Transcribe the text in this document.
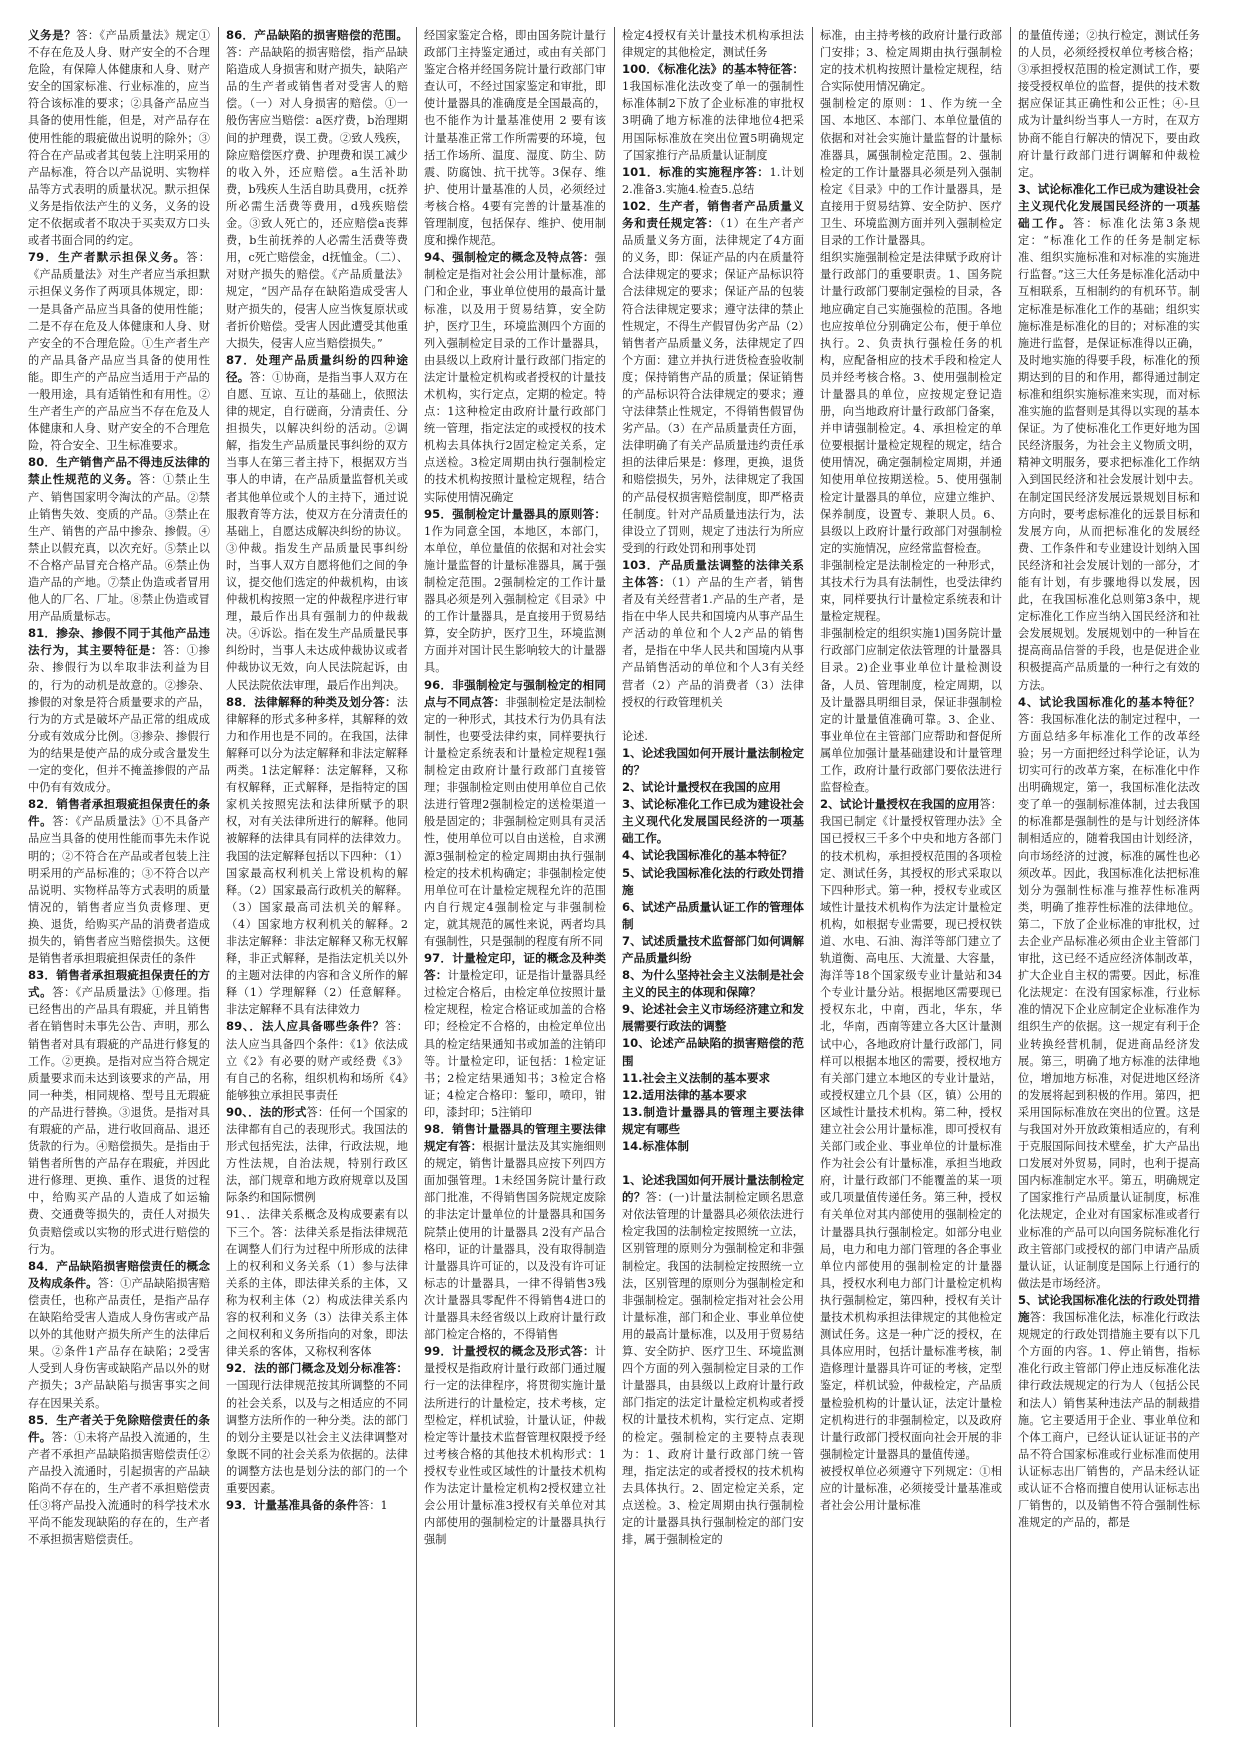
义务是？答：《产品质量法》规定①不存在危及人身、财产安全的不合理危险，有保障人体健康和人身、财产安全的国家标准、行业标准的，应当符合该标准的要求；②具备产品应当具备的使用性能，但是，对产品存在使用性能的瑕疵做出说明的除外；③符合在产品或者其包装上注明采用的产品标准，符合以产品说明、实物样品等方式表明的质量状况。默示担保义务是指依法产生的义务，义务的设定不依据或者不取决于买卖双方口头或者书面合同的约定。

79．生产者默示担保义务。答：《产品质量法》对生产者应当承担默示担保义务作了两项具体规定，即：一是具备产品应当具备的使用性能；二是不存在危及人体健康和人身、财产安全的不合理危险。①生产者生产的产品具备产品应当具备的使用性能。即生产的产品应当适用于产品的一般用途，具有适销性和有用性。②生产者生产的产品应当不存在危及人体健康和人身、财产安全的不合理危险，符合安全、卫生标准要求。

80．生产销售产品不得违反法律的禁止性规范的义务。答：①禁止生产、销售国家明令淘汰的产品。②禁止销售失效、变质的产品。③禁止在生产、销售的产品中掺杂、掺假。④禁止以假充真，以次充好。⑤禁止以不合格产品冒充合格产品。⑥禁止伪造产品的产地。⑦禁止伪造或者冒用他人的厂名、厂址。⑧禁止伪造或冒用产品质量标志。

81．掺杂、掺假不同于其他产品违法行为，其主要特征是：答：①掺杂、掺假行为以牟取非法利益为目的，行为的动机是故意的。②掺杂、掺假的对象是符合质量要求的产品，行为的方式是破坏产品正常的组成成分或有效成分比例。③掺杂、掺假行为的结果是使产品的成分或含量发生一定的变化，但并不掩盖掺假的产品中仍有有效成分。

82．销售者承担瑕疵担保责任的条件。答：《产品质量法》①不具备产品应当具备的使用性能而事先未作说明的；②不符合在产品或者包装上注明采用的产品标准的；③不符合以产品说明、实物样品等方式表明的质量情况的，销售者应当负责修理、更换、退货，给购买产品的消费者造成损失的，销售者应当赔偿损失。这便是销售者承担瑕疵担保责任的条件

83．销售者承担瑕疵担保责任的方式。答：《产品质量法》①修理。指已经售出的产品具有瑕疵，并且销售者在销售时未事先公告、声明，那么销售者对具有瑕疵的产品进行修复的工作。②更换。是指对应当符合规定质量要求而未达到该要求的产品，用同一种类，相同规格、型号且无瑕疵的产品进行替换。③退货。是指对具有瑕疵的产品，进行收回商品、退还货款的行为。④赔偿损失。是指由于销售者所售的产品存在瑕疵，并因此进行修理、更换、重作、退货的过程中，给购买产品的人造成了如运输费、交通费等损失的，责任人对损失负责赔偿或以实物的形式进行赔偿的行为。

84．产品缺陷损害赔偿责任的概念及构成条件。答：①产品缺陷损害赔偿责任，也称产品责任，是指产品存在缺陷给受害人造成人身伤害或产品以外的其他财产损失所产生的法律后果。②条件1产品存在缺陷；2受害人受到人身伤害或缺陷产品以外的财产损失；3产品缺陷与损害事实之间存在因果关系。

85．生产者关于免除赔偿责任的条件。答：①未将产品投入流通的，生产者不承担产品缺陷损害赔偿责任②产品投入流通时，引起损害的产品缺陷尚不存在的，生产者不承担赔偿责任③将产品投入流通时的科学技术水平尚不能发现缺陷的存在的，生产者不承担损害赔偿责任。

86．产品缺陷的损害赔偿的范围。答：产品缺陷的损害赔偿，指产品缺陷造成人身损害和财产损失，缺陷产品的生产者或销售者对受害人的赔偿。（一）对人身损害的赔偿。①一般伤害应当赔偿：a医疗费，b治理期间的护理费，误工费。②致人残疾，除应赔偿医疗费、护理费和误工减少的收入外，还应赔偿。a生活补助费，b残疾人生活自助具费用，c抚养所必需生活费等费用，d残疾赔偿金。③致人死亡的，还应赔偿a丧葬费，b生前抚养的人必需生活费等费用，c死亡赔偿金，d抚恤金。（二）、对财产损失的赔偿。《产品质量法》规定，“因产品存在缺陷造成受害人财产损失的，侵害人应当恢复原状或者折价赔偿。受害人因此遭受其他重大损失，侵害人应当赔偿损失。”

87．处理产品质量纠纷的四种途径。答：①协商，是指当事人双方在自愿、互谅、互让的基础上，依照法律的规定，自行磋商，分清责任、分担损失，以解决纠纷的活动。②调解，指发生产品质量民事纠纷的双方当事人在第三者主持下，根据双方当事人的申请，在产品质量监督机关或者其他单位或个人的主持下，通过说服教育等方法，使双方在分清责任的基础上，自愿达成解决纠纷的协议。③仲裁。指发生产品质量民事纠纷时，当事人双方自愿将他们之间的争议，提交他们选定的仲裁机构，由该仲裁机构按照一定的仲裁程序进行审理，最后作出具有强制力的仲裁裁决。④诉讼。指在发生产品质量民事纠纷时，当事人未达成仲裁协议或者仲裁协议无效，向人民法院起诉，由人民法院依法审理，最后作出判决。

88．法律解释的种类及划分答：法律解释的形式多种多样，其解释的效力和作用也是不同的。在我国，法律解释可以分为法定解释和非法定解释两类。1法定解释：法定解释，又称有权解释，正式解释，是指特定的国家机关按照宪法和法律所赋予的职权，对有关法律所进行的解释。他同被解释的法律具有同样的法律效力。我国的法定解释包括以下四种：（1）国家最高权利机关上常设机构的解释。（2）国家最高行政机关的解释。（3）国家最高司法机关的解释。（4）国家地方权利机关的解释。2非法定解释：非法定解释又称无权解释，非正式解释，是指法定机关以外的主题对法律的内容和含义所作的解释（1）学理解释（2）任意解释。非法定解释不具有法律效力

89、．法人应具备哪些条件？答：法人应当具备四个条件：《1》依法成立《2》有必要的财产或经费《3》有自己的名称，组织机构和场所《4》能够独立承担民事责任

90、．法的形式答：任何一个国家的法律都有自己的表现形式。我国法的形式包括宪法，法律，行政法规，地方性法规，自治法规，特别行政区法，部门规章和地方政府规章以及国际条约和国际惯例

91、．法律关系概念及构成要素有以下三个。答：法律关系是指法律规范在调整人们行为过程中所形成的法律上的权利和义务关系（1）参与法律关系的主体，即法律关系的主体，又称为权利主体（2）构成法律关系内容的权利和义务（3）法律关系主体之间权利和义务所指向的对象，即法律关系的客体，又称权利客体

92．法的部门概念及划分标准答：一国现行法律规范按其所调整的不同的社会关系，以及与之相适应的不同调整方法所作的一种分类。法的部门的划分主要是以社会主义法律调整对象既不同的社会关系为依据的。法律的调整方法也是划分法的部门的一个重要因素。

93．计量基准具备的条件答：1

经国家鉴定合格，即由国务院计量行政部门主持鉴定通过，或由有关部门鉴定合格并经国务院计量行政部门审查认可，不经过国家鉴定和审批，即使计量器具的准确度是全国最高的，也不能作为计量基准使用 2 要有该计量基准正常工作所需要的环境，包括工作场所、温度、湿度、防尘、防震、防腐蚀、抗干扰等。3保存、维护、使用计量基准的人员，必须经过考核合格。4要有完善的计量基准的管理制度，包括保存、维护、使用制度和操作规范。

94、强制检定的概念及特点答：强制检定是指对社会公用计量标准，部门和企业，事业单位使用的最高计量标准，以及用于贸易结算，安全防护，医疗卫生，环境监测四个方面的列入强制检定目录的工作计量器具，由县级以上政府计量行政部门指定的法定计量检定机构或者授权的计量技术机构，实行定点，定期的检定。特点：1这种检定由政府计量行政部门统一管理，指定法定的或授权的技术机构去具体执行2固定检定关系，定点送检。3检定周期由执行强制检定的技术机构按照计量检定规程，结合实际使用情况确定

95．强制检定计量器具的原则答：1作为同意全国，本地区，本部门，本单位，单位量值的依据和对社会实施计量监督的计量标准器具，属于强制检定范围。2强制检定的工作计量器具必须是列入强制检定《目录》中的工作计量器具，是直接用于贸易结算，安全防护，医疗卫生，环境监测方面并对国计民生影响较大的计量器具。

96．非强制检定与强制检定的相同点与不同点答：非强制检定是法制检定的一种形式，其技术行为仍具有法制性，也要受法律约束，同样要执行计量检定系统表和计量检定规程1强制检定由政府计量行政部门直接管理；非强制检定则由使用单位自己依法进行管理2强制检定的送检渠道一般是固定的；非强制检定则具有灵活性，使用单位可以自由送检，自求溯源3强制检定的检定周期由执行强制检定的技术机构确定；非强制检定使用单位可在计量检定规程允许的范围内自行规定4强制检定与非强制检定，就其规范的属性来说，两者均具有强制性，只是强制的程度有所不同

97．计量检定印，证的概念及种类答：计量检定印，证是指计量器具经过检定合格后，由检定单位按照计量检定规程，检定合格证或加盖的合格印；经检定不合格的，由检定单位出具的检定结果通知书或加盖的注销印等。计量检定印，证包括：1检定证书；2检定结果通知书；3检定合格证；4检定合格印：錾印，喷印，钳印，漆封印；5注销印

98．销售计量器具的管理主要法律规定有答：根据计量法及其实施细则的规定，销售计量器具应按下列四方面加强管理。1未经国务院计量行政部门批准，不得销售国务院规定废除的非法定计量单位的计量器具和国务院禁止使用的计量器具 2没有产品合格印，证的计量器具，没有取得制造计量器具许可证的，以及没有许可证标志的计量器具，一律不得销售3残次计量器具零配件不得销售4进口的计量器具未经省级以上政府计量行政部门检定合格的，不得销售

99．计量授权的概念及形式答：计量授权是指政府计量行政部门通过履行一定的法律程序，将贯彻实施计量法所进行的计量检定，技术考核，定型检定，样机试验，计量认证，仲裁检定等计量技术监督管理权限授予经过考核合格的其他技术机构形式：1授权专业性或区域性的计量技术机构作为法定计量检定机构2授权建立社会公用计量标准3授权有关单位对其内部使用的强制检定的计量器具执行强制

检定4授权有关计量技术机构承担法律规定的其他检定，测试任务

100．《标准化法》的基本特征答：1我国标准化法改变了单一的强制性标准体制2下放了企业标准的审批权3明确了地方标准的法律地位4把采用国际标准放在突出位置5明确规定了国家推行产品质量认证制度

101．标准的实施程序答：1.计划2.准备3.实施4.检查5.总结

102．生产者，销售者产品质量义务和责任规定答：（1）在生产者产品质量义务方面，法律规定了4方面的义务，即：保证产品的内在质量符合法律规定的要求；保证产品标识符合法律规定的要求；保证产品的包装符合法律规定要求；遵守法律的禁止性规定，不得生产假冒伪劣产品（2）销售者产品质量义务，法律规定了四个方面：建立并执行进货检查验收制度；保持销售产品的质量；保证销售的产品标识符合法律规定的要求；遵守法律禁止性规定，不得销售假冒伪劣产品。（3）在产品质量责任方面，法律明确了有关产品质量违约责任承担的法律后果是：修理，更换，退货和赔偿损失，另外，法律规定了我国的产品侵权损害赔偿制度，即严格责任制度。针对产品质量违法行为，法律设立了罚则，规定了违法行为所应受到的行政处罚和刑事处罚

103．产品质量法调整的法律关系主体答：（1）产品的生产者，销售者及有关经营者1.产品的生产者，是指在中华人民共和国境内从事产品生产活动的单位和个人2产品的销售者，是指在中华人民共和国境内从事产品销售活动的单位和个人3有关经营者（2）产品的消费者（3）法律授权的行政管理机关

论述.

1、论述我国如何开展计量法制检定的？

2、试论计量授权在我国的应用

3、试论标准化工作已成为建设社会主义现代化发展国民经济的一项基础工作。

4、试论我国标准化的基本特征？

5、试论我国标准化法的行政处罚措施

6、试述产品质量认证工作的管理体制

7、试述质量技术监督部门如何调解产品质量纠纷

8、为什么坚持社会主义法制是社会主义的民主的体现和保障？

9、论述社会主义市场经济建立和发展需要行政法的调整

10、论述产品缺陷的损害赔偿的范围

11.社会主义法制的基本要求

12.适用法律的基本要求

13.制造计量器具的管理主要法律规定有哪些

14.标准体制

1、论述我国如何开展计量法制检定的？答：(一)计量法制检定顾名思意对依法管理的计量器具必须依法进行检定我国的法制检定按照统一立法，区别管理的原则分为强制检定和非强制检定。我国的法制检定按照统一立法，区别管理的原则分为强制检定和非强制检定。强制检定指对社会公用计量标准，部门和企业、事业单位使用的最高计量标准，以及用于贸易结算、安全防护、医疗卫生、环境监测四个方面的列入强制检定目录的工作计量器具，由县级以上政府计量行政部门指定的法定计量检定机构或者授权的计量技术机构，实行定点、定期的检定。强制检定的主要特点表现为：1、政府计量行政部门统一管理，指定法定的或者授权的技术机构去具体执行。2、固定检定关系，定点送检。3、检定周期由执行强制检定的计量器具执行强制检定的部门安排，属于强制检定的

标准，由主持考核的政府计量行政部门安排；3、检定周期由执行强制检定的技术机构按照计量检定规程，结合实际使用情况确定。

强制检定的原则：1、作为统一全国、本地区、本部门、本单位量值的依据和对社会实施计量监督的计量标准器具，属强制检定范围。2、强制检定的工作计量器具必须是列入强制检定《目录》中的工作计量器具，是直接用于贸易结算、安全防护、医疗卫生、环境监测方面并列入强制检定目录的工作计量器具。

组织实施强制检定是法律赋予政府计量行政部门的重要职责。1、国务院计量行政部门要制定强检的目录，各地应确定自己实施强检的范围。各地也应按单位分别确定公布，便于单位执行。2、负责执行强检任务的机构，应配备相应的技术手段和检定人员并经考核合格。3、使用强制检定计量器具的单位，应按规定登记造册，向当地政府计量行政部门备案，并申请强制检定。4、承担检定的单位要根据计量检定规程的规定，结合使用情况，确定强制检定周期，并通知使用单位按期送检。5、使用强制检定计量器具的单位，应建立维护、保养制度，设置专、兼职人员。6、县级以上政府计量行政部门对强制检定的实施情况，应经常监督检查。

非强制检定是法制检定的一种形式，其技术行为具有法制性，也受法律约束，同样要执行计量检定系统表和计量检定规程。

非强制检定的组织实施1)国务院计量行政部门应制定依法管理的计量器具目录。2)企业事业单位计量检测设备，人员、管理制度，检定周期，以及计量器具明细目录，保证非强制检定的计量量值准确可靠。3、企业、事业单位在主管部门应帮助和督促所属单位加强计量基础建设和计量管理工作，政府计量行政部门要依法进行监督检查。

2、试论计量授权在我国的应用答：我国已制定《计量授权管理办法》全国已授权三千多个中央和地方各部门的技术机构，承担授权范围的各项检定、测试任务，其授权的形式采取以下四种形式。第一种，授权专业或区域性计量技术机构作为法定计量检定机构，如根据专业需要，现已授权铁道、水电、石油、海洋等部门建立了轨道衡、高电压、大流量、大容量，海洋等18个国家级专业计量站和34个专业计量分站。根据地区需要现已授权东北，中南，西北，华东，华北，华南，西南等建立各大区计量测试中心，各地政府计量行政部门，同样可以根据本地区的需要，授权地方有关部门建立本地区的专业计量站，或授权建立几个县（区，镇）公用的区域性计量技术机构。第二种，授权建立社会公用计量标准，即可授权有关部门或企业、事业单位的计量标准作为社会公有计量标准，承担当地政府，计量行政部门不能覆盖的某一项或几项量值传递任务。第三种，授权有关单位对其内部使用的强制检定的计量器具执行强制检定。如部分电业局，电力和电力部门管理的各企事业单位内部使用的强制检定的计量器具，授权水利电力部门计量检定机构执行强制检定，第四种，授权有关计量技术机构承担法律规定的其他检定测试任务。这是一种广泛的授权，在具体应用时，包括计量标准考核，制造修理计量器具许可证的考核，定型鉴定，样机试验，仲裁检定，产品质量检验机构的计量认证，法定计量检定机构进行的非强制检定，以及政府计量行政部门授权面向社会开展的非强制检定计量器具的量值传递。

被授权单位必须遵守下列规定：①相应的计量标准，必须接受计量基准或者社会公用计量标准

的量值传递；②执行检定，测试任务的人员，必须经授权单位考核合格；③承担授权范围的检定测试工作，要接受授权单位的监督，提供的技术数据应保证其正确性和公正性；④-旦成为计量纠纷当事人一方时，在双方协商不能自行解决的情况下，要由政府计量行政部门进行调解和仲裁检定。

3、试论标准化工作已成为建设社会主义现代化发展国民经济的一项基础工作。答：标准化法第3条规定：“标准化工作的任务是制定标准、组织实施标准和对标准的实施进行监督。”这三大任务是标准化活动中互相联系，互相制约的有机环节。制定标准是标准化工作的基础；组织实施标准是标准化的目的；对标准的实施进行监督，是保证标准得以正确，及时地实施的得要手段，标准化的预期达到的目的和作用，都得通过制定标准和组织实施标准来实现，而对标准实施的监督则是其得以实现的基本保证。为了使标准化工作更好地为国民经济服务，为社会主义物质文明，精神文明服务，要求把标准化工作纳入到国民经济和社会发展计划中去。在制定国民经济发展远景规划目标和方向时，要考虑标准化的远景目标和发展方向，从而把标准化的发展经费、工作条件和专业建设计划纳入国民经济和社会发展计划的一部分，才能有计划，有步骤地得以发展，因此，在我国标准化总则第3条中，规定标准化工作应当纳入国民经济和社会发展规划。发展规划中的一种旨在提高商品信誉的手段，也是促进企业积极提高产品质量的一种行之有效的方法。

4、试论我国标准化的基本特征？答：我国标准化法的制定过程中，一方面总结多年标准化工作的改革经验；另一方面把经过科学论证，认为切实可行的改革方案，在标准化中作出明确规定，第一，我国标准化法改变了单一的强制标准体制，过去我国的标准都是强制性的是与计划经济体制相适应的，随着我国由计划经济，向市场经济的过渡，标准的属性也必须改革。因此，我国标准化法把标准划分为强制性标准与推荐性标准两类，明确了推荐性标准的法律地位。第二，下放了企业标准的审批权，过去企业产品标准必须由企业主管部门审批，这已经不适应经济体制改革，扩大企业自主权的需要。因此，标准化法规定：在没有国家标准，行业标准的情况下企业应制定企业标准作为组织生产的依据。这一规定有利于企业转换经营机制，促进商品经济发展。第三，明确了地方标准的法律地位，增加地方标准，对促进地区经济的发展将起到积极的作用。第四，把采用国际标准放在突出的位置。这是与我国对外开放政策相适应的，有利于克服国际间技术壁垒，扩大产品出口发展对外贸易，同时，也利于提高国内标准制定水平。第五，明确规定了国家推行产品质量认证制度，标准化法规定，企业对有国家标准或者行业标准的产品可以向国务院标准化行政主管部门或授权的部门申请产品质量认证，认证制度是国际上行通行的做法是市场经济。

5、试论我国标准化法的行政处罚措施答：我国标准化法，标准化行政法规规定的行政处罚措施主要有以下几个方面的内容。1、停止销售，指标准化行政主管部门停止违反标准化法律行政法规规定的行为人（包括公民和法人）销售某种违法产品的制裁措施。它主要适用于企业、事业单位和个体工商户，已经认证认证证书的产品不符合国家标准或行业标准而使用认证标志出厂销售的，产品未经认证或认证不合格而擅自使用认证标志出厂销售的，以及销售不符合强制性标准规定的产品的，都是
